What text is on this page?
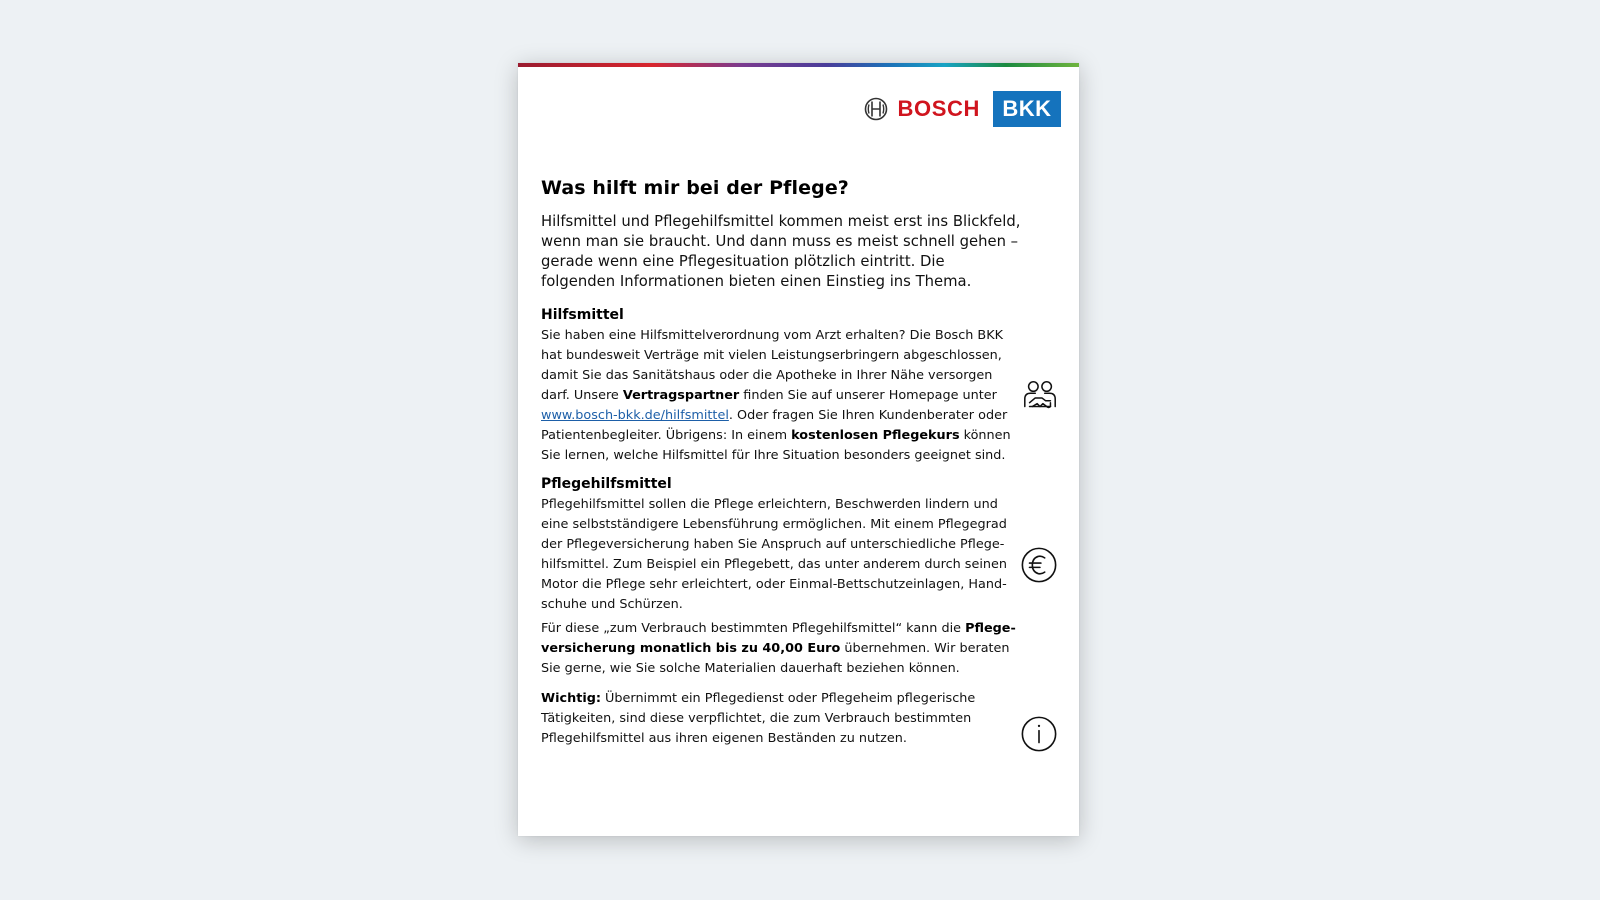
BOSCH	BKK
Was hilft mir bei der Pflege?
Hilfsmittel und Pflegehilfsmittel kommen meist erst ins Blickfeld, wenn man sie braucht. Und dann muss es meist schnell gehen – gerade wenn eine Pflegesituation plötzlich eintritt. Die folgenden Informationen bieten einen Einstieg ins Thema.
Hilfsmittel

Sie haben eine Hilfsmittelverordnung vom Arzt erhalten? Die Bosch BKK hat bundesweit Verträge mit vielen Leistungserbringern abgeschlossen, damit Sie das Sanitätshaus oder die Apotheke in Ihrer Nähe versorgen darf. Unsere Vertragspartner finden Sie auf unserer Homepage unter www.bosch-bkk.de/hilfsmittel. Oder fragen Sie Ihren Kundenberater oder Patientenbegleiter. Übrigens: In einem kostenlosen Pflegekurs können Sie lernen, welche Hilfsmittel für Ihre Situation besonders geeignet sind.

Pflegehilfsmittel

Pflegehilfsmittel sollen die Pflege erleichtern, Beschwerden lindern und eine selbstständigere Lebensführung ermöglichen. Mit einem Pflegegrad der Pflegeversicherung haben Sie Anspruch auf unterschiedliche Pflegehilfsmittel. Zum Beispiel ein Pflegebett, das unter anderem durch seinen Motor die Pflege sehr erleichtert, oder Einmal-Bettschutzeinlagen, Handschuhe und Schürzen.

Für diese „zum Verbrauch bestimmten Pflegehilfsmittel“ kann die Pflegeversicherung monatlich bis zu 40,00 Euro übernehmen. Wir beraten Sie gerne, wie Sie solche Materialien dauerhaft beziehen können.

Wichtig: Übernimmt ein Pflegedienst oder Pflegeheim pflegerische Tätigkeiten, sind diese verpflichtet, die zum Verbrauch bestimmten Pflegehilfsmittel aus ihren eigenen Beständen zu nutzen.
